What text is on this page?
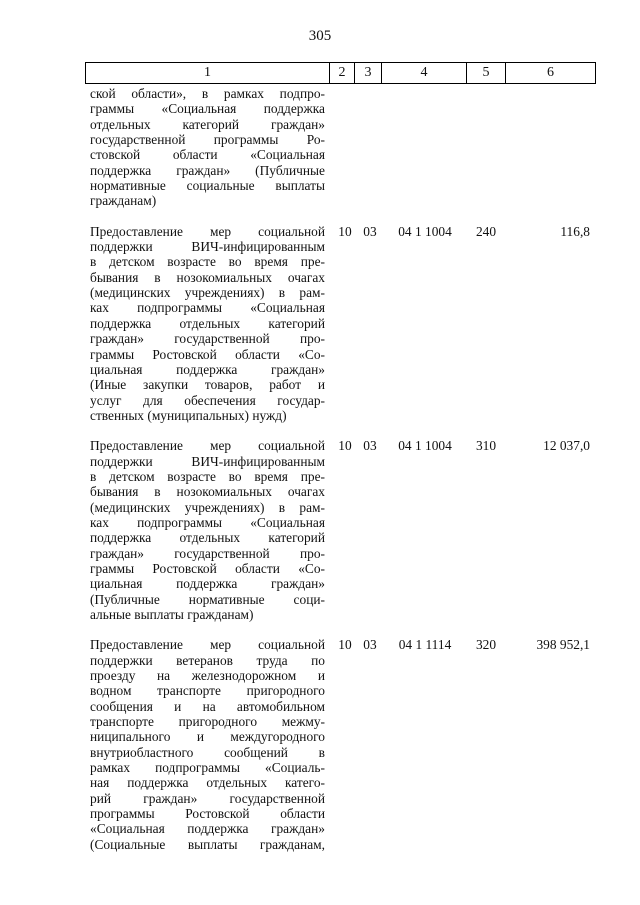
305
1	2	3	4	5	6
ской области», в рамках подпро-
граммы «Социальная поддержка
отдельных категорий граждан»
государственной программы Ро-
стовской области «Социальная
поддержка граждан» (Публичные
нормативные социальные выплаты
гражданам)
Предоставление мер социальной
поддержки ВИЧ-инфицированным
в детском возрасте во время пре-
бывания в нозокомиальных очагах
(медицинских учреждениях) в рам-
ках подпрограммы «Социальная
поддержка отдельных категорий
граждан» государственной про-
граммы Ростовской области «Со-
циальная поддержка граждан»
(Иные закупки товаров, работ и
услуг для обеспечения государ-
ственных (муниципальных) нужд)
10 03	04 1 1004	240	116,8
Предоставление мер социальной
поддержки ВИЧ-инфицированным
в детском возрасте во время пре-
бывания в нозокомиальных очагах
(медицинских учреждениях) в рам-
ках подпрограммы «Социальная
поддержка отдельных категорий
граждан» государственной про-
граммы Ростовской области «Со-
циальная поддержка граждан»
(Публичные нормативные соци-
альные выплаты гражданам)
10 03	04 1 1004	310	12 037,0
Предоставление мер социальной
поддержки ветеранов труда по
проезду на железнодорожном и
водном транспорте пригородного
сообщения и на автомобильном
транспорте пригородного межму-
ниципального и междугородного
внутриобластного сообщений в
рамках подпрограммы «Социаль-
ная поддержка отдельных катего-
рий граждан» государственной
программы Ростовской области
«Социальная поддержка граждан»
(Социальные выплаты гражданам,
10 03	04 1 1114	320	398 952,1
